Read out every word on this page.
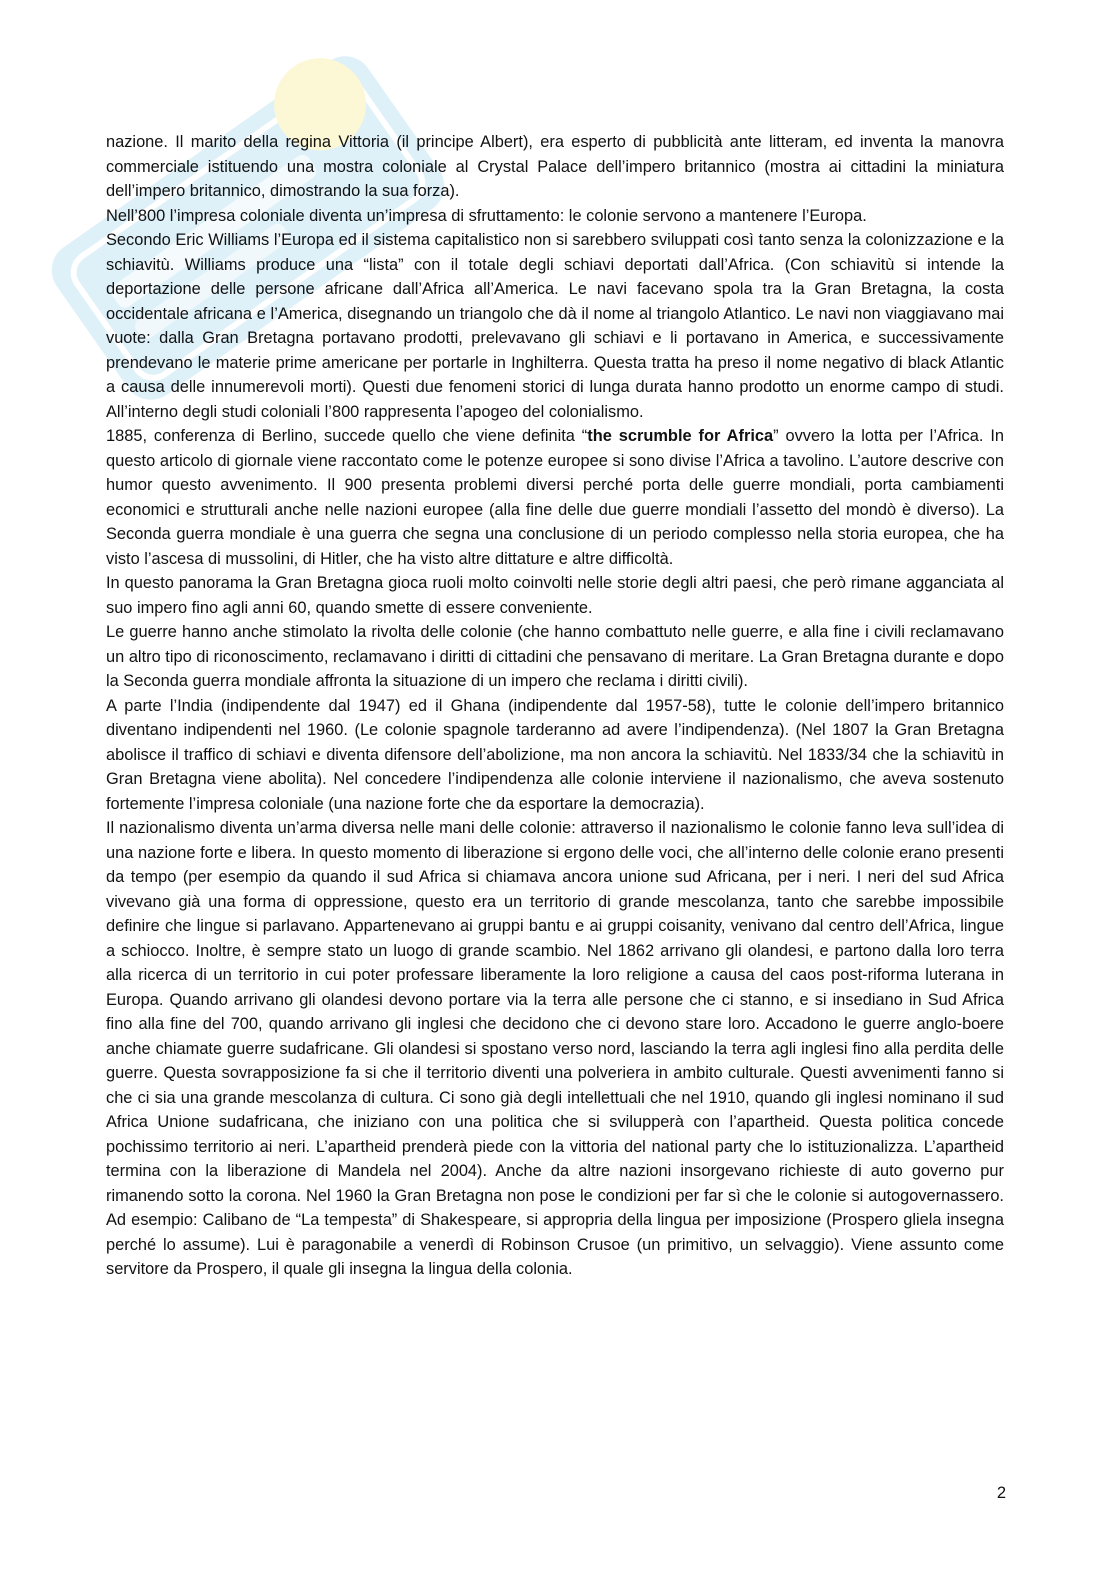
nazione. Il marito della regina Vittoria (il principe Albert), era esperto di pubblicità ante litteram, ed inventa la manovra commerciale istituendo una mostra coloniale al Crystal Palace dell’impero britannico (mostra ai cittadini la miniatura dell’impero britannico, dimostrando la sua forza).

Nell’800 l’impresa coloniale diventa un’impresa di sfruttamento: le colonie servono a mantenere l’Europa.

Secondo Eric Williams l’Europa ed il sistema capitalistico non si sarebbero sviluppati così tanto senza la colonizzazione e la schiavitù. Williams produce una “lista” con il totale degli schiavi deportati dall’Africa. (Con schiavitù si intende la deportazione delle persone africane dall’Africa all’America. Le navi facevano spola tra la Gran Bretagna, la costa occidentale africana e l’America, disegnando un triangolo che dà il nome al triangolo Atlantico. Le navi non viaggiavano mai vuote: dalla Gran Bretagna portavano prodotti, prelevavano gli schiavi e li portavano in America, e successivamente prendevano le materie prime americane per portarle in Inghilterra. Questa tratta ha preso il nome negativo di black Atlantic a causa delle innumerevoli morti). Questi due fenomeni storici di lunga durata hanno prodotto un enorme campo di studi. All’interno degli studi coloniali l’800 rappresenta l’apogeo del colonialismo.

1885, conferenza di Berlino, succede quello che viene definita “the scrumble for Africa” ovvero la lotta per l’Africa. In questo articolo di giornale viene raccontato come le potenze europee si sono divise l’Africa a tavolino. L’autore descrive con humor questo avvenimento. Il 900 presenta problemi diversi perché porta delle guerre mondiali, porta cambiamenti economici e strutturali anche nelle nazioni europee (alla fine delle due guerre mondiali l’assetto del mondò è diverso). La Seconda guerra mondiale è una guerra che segna una conclusione di un periodo complesso nella storia europea, che ha visto l’ascesa di mussolini, di Hitler, che ha visto altre dittature e altre difficoltà.

In questo panorama la Gran Bretagna gioca ruoli molto coinvolti nelle storie degli altri paesi, che però rimane agganciata al suo impero fino agli anni 60, quando smette di essere conveniente.

Le guerre hanno anche stimolato la rivolta delle colonie (che hanno combattuto nelle guerre, e alla fine i civili reclamavano un altro tipo di riconoscimento, reclamavano i diritti di cittadini che pensavano di meritare. La Gran Bretagna durante e dopo la Seconda guerra mondiale affronta la situazione di un impero che reclama i diritti civili).

A parte l’India (indipendente dal 1947) ed il Ghana (indipendente dal 1957-58), tutte le colonie dell’impero britannico diventano indipendenti nel 1960. (Le colonie spagnole tarderanno ad avere l’indipendenza). (Nel 1807 la Gran Bretagna abolisce il traffico di schiavi e diventa difensore dell’abolizione, ma non ancora la schiavitù. Nel 1833/34 che la schiavitù in Gran Bretagna viene abolita). Nel concedere l’indipendenza alle colonie interviene il nazionalismo, che aveva sostenuto fortemente l’impresa coloniale (una nazione forte che da esportare la democrazia).

Il nazionalismo diventa un’arma diversa nelle mani delle colonie: attraverso il nazionalismo le colonie fanno leva sull’idea di una nazione forte e libera. In questo momento di liberazione si ergono delle voci, che all’interno delle colonie erano presenti da tempo (per esempio da quando il sud Africa si chiamava ancora unione sud Africana, per i neri. I neri del sud Africa vivevano già una forma di oppressione, questo era un territorio di grande mescolanza, tanto che sarebbe impossibile definire che lingue si parlavano. Appartenevano ai gruppi bantu e ai gruppi coisanity, venivano dal centro dell’Africa, lingue a schiocco. Inoltre, è sempre stato un luogo di grande scambio. Nel 1862 arrivano gli olandesi, e partono dalla loro terra alla ricerca di un territorio in cui poter professare liberamente la loro religione a causa del caos post-riforma luterana in Europa. Quando arrivano gli olandesi devono portare via la terra alle persone che ci stanno, e si insediano in Sud Africa fino alla fine del 700, quando arrivano gli inglesi che decidono che ci devono stare loro. Accadono le guerre anglo-boere anche chiamate guerre sudafricane. Gli olandesi si spostano verso nord, lasciando la terra agli inglesi fino alla perdita delle guerre. Questa sovrapposizione fa si che il territorio diventi una polveriera in ambito culturale. Questi avvenimenti fanno si che ci sia una grande mescolanza di cultura. Ci sono già degli intellettuali che nel 1910, quando gli inglesi nominano il sud Africa Unione sudafricana, che iniziano con una politica che si svilupperà con l’apartheid. Questa politica concede pochissimo territorio ai neri. L’apartheid prenderà piede con la vittoria del national party che lo istituzionalizza. L’apartheid termina con la liberazione di Mandela nel 2004). Anche da altre nazioni insorgevano richieste di auto governo pur rimanendo sotto la corona. Nel 1960 la Gran Bretagna non pose le condizioni per far sì che le colonie si autogovernassero. Ad esempio: Calibano de “La tempesta” di Shakespeare, si appropria della lingua per imposizione (Prospero gliela insegna perché lo assume). Lui è paragonabile a venerdì di Robinson Crusoe (un primitivo, un selvaggio). Viene assunto come servitore da Prospero, il quale gli insegna la lingua della colonia.

2
